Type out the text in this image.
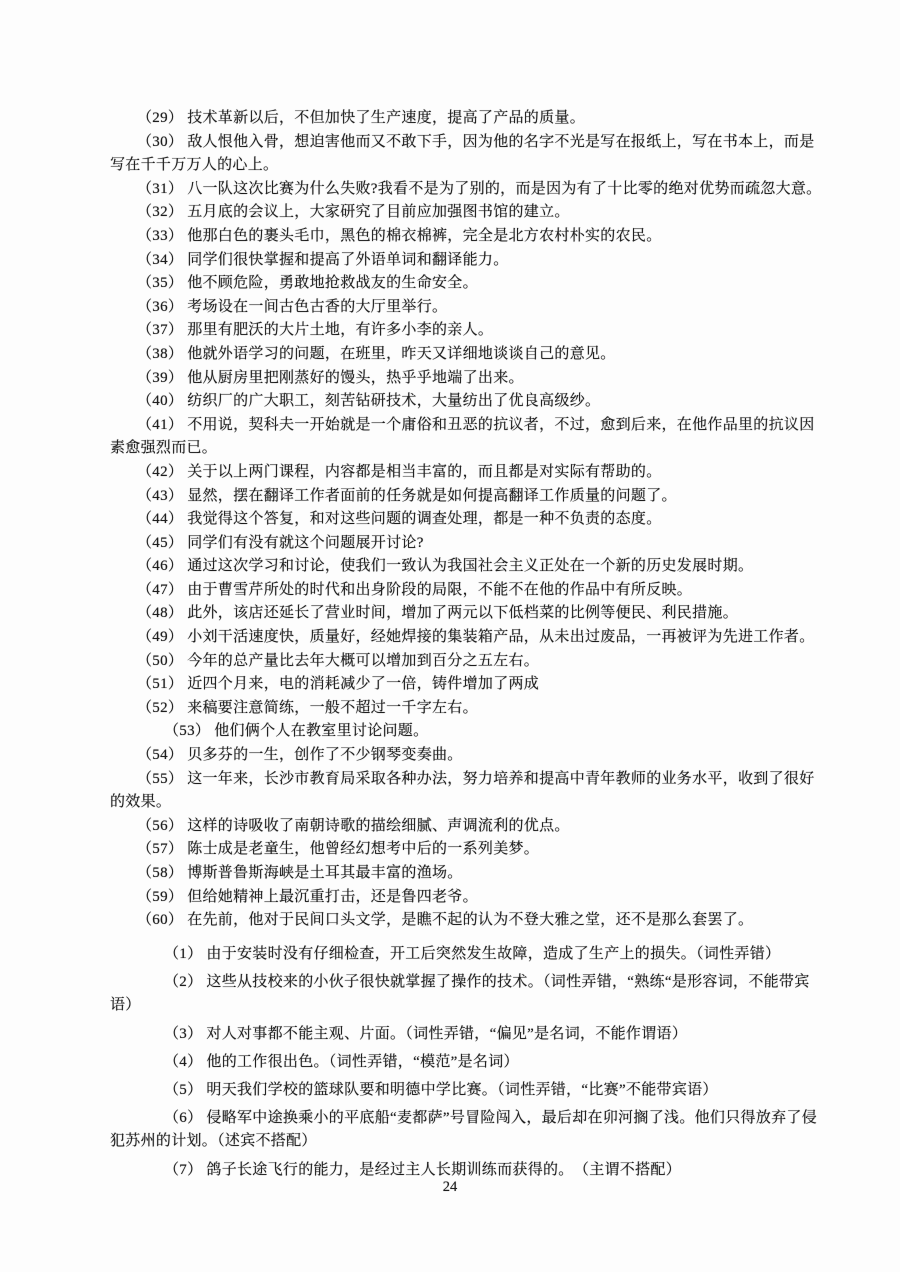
（29） 技术革新以后，不但加快了生产速度，提高了产品的质量。

（30） 敌人恨他入骨，想迫害他而又不敢下手，因为他的名字不光是写在报纸上，写在书本上，而是写在千千万万人的心上。

（31） 八一队这次比赛为什么失败?我看不是为了别的，而是因为有了十比零的绝对优势而疏忽大意。

（32） 五月底的会议上，大家研究了目前应加强图书馆的建立。

（33） 他那白色的裹头毛巾，黑色的棉衣棉裤，完全是北方农村朴实的农民。

（34） 同学们很快掌握和提高了外语单词和翻译能力。

（35） 他不顾危险，勇敢地抢救战友的生命安全。

（36） 考场设在一间古色古香的大厅里举行。

（37） 那里有肥沃的大片土地，有许多小李的亲人。

（38） 他就外语学习的问题，在班里，昨天又详细地谈谈自己的意见。

（39） 他从厨房里把刚蒸好的馒头，热乎乎地端了出来。

（40） 纺织厂的广大职工，刻苦钻研技术，大量纺出了优良高级纱。

（41） 不用说，契科夫一开始就是一个庸俗和丑恶的抗议者，不过，愈到后来，在他作品里的抗议因素愈强烈而已。

（42） 关于以上两门课程，内容都是相当丰富的，而且都是对实际有帮助的。

（43） 显然，摆在翻译工作者面前的任务就是如何提高翻译工作质量的问题了。

（44） 我觉得这个答复，和对这些问题的调查处理，都是一种不负责的态度。

（45） 同学们有没有就这个问题展开讨论?

（46） 通过这次学习和讨论，使我们一致认为我国社会主义正处在一个新的历史发展时期。

（47） 由于曹雪芹所处的时代和出身阶段的局限，不能不在他的作品中有所反映。

（48） 此外，该店还延长了营业时间，增加了两元以下低档菜的比例等便民、利民措施。

（49） 小刘干活速度快，质量好，经她焊接的集装箱产品，从未出过废品，一再被评为先进工作者。

（50） 今年的总产量比去年大概可以增加到百分之五左右。

（51） 近四个月来，电的消耗减少了一倍，铸件增加了两成

（52） 来稿要注意简练，一般不超过一千字左右。

（53） 他们俩个人在教室里讨论问题。

（54） 贝多芬的一生，创作了不少钢琴变奏曲。

（55） 这一年来，长沙市教育局采取各种办法，努力培养和提高中青年教师的业务水平，收到了很好的效果。

（56） 这样的诗吸收了南朝诗歌的描绘细腻、声调流利的优点。

（57） 陈士成是老童生，他曾经幻想考中后的一系列美梦。

（58） 博斯普鲁斯海峡是土耳其最丰富的渔场。

（59） 但给她精神上最沉重打击，还是鲁四老爷。

（60） 在先前，他对于民间口头文学，是瞧不起的认为不登大雅之堂，还不是那么套罢了。

（1） 由于安装时没有仔细检查，开工后突然发生故障，造成了生产上的损失。（词性弄错）

（2） 这些从技校来的小伙子很快就掌握了操作的技术。（词性弄错，“熟练“是形容词，不能带宾语）

（3） 对人对事都不能主观、片面。（词性弄错，“偏见”是名词，不能作谓语）

（4） 他的工作很出色。（词性弄错，“模范”是名词）

（5） 明天我们学校的篮球队要和明德中学比赛。（词性弄错，“比赛”不能带宾语）

（6） 侵略军中途换乘小的平底船“麦都萨”号冒险闯入，最后却在卯河搁了浅。他们只得放弃了侵犯苏州的计划。（述宾不搭配）

（7） 鸽子长途飞行的能力，是经过主人长期训练而获得的。　（主谓不搭配）

24
